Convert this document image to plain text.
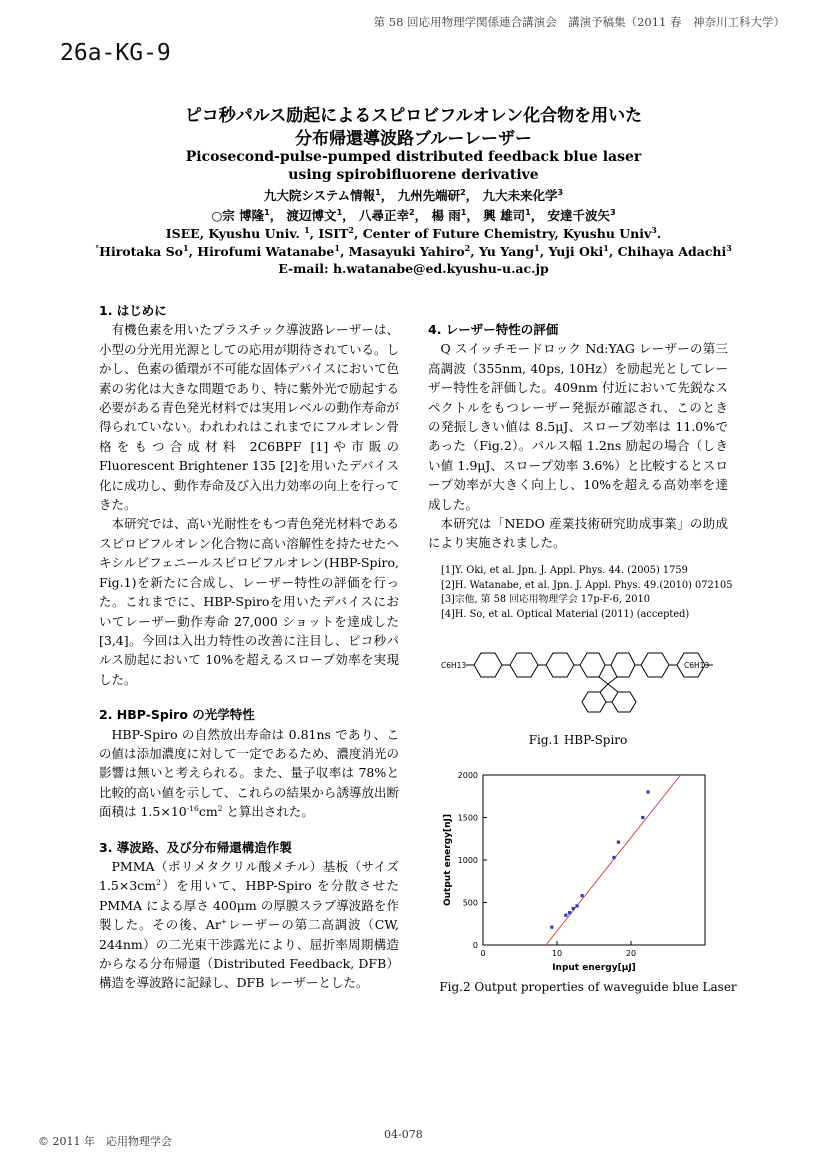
第 58 回応用物理学関係連合講演会　講演予稿集（2011 春　神奈川工科大学）
26a-KG-9
ピコ秒パルス励起によるスピロビフルオレン化合物を用いた
分布帰還導波路ブルーレーザー
Picosecond-pulse-pumped distributed feedback blue laser
using spirobifluorene derivative
九大院システム情報$^1$， 九州先端研$^2$， 九大未来化学$^3$
○宗 博隆$^1$， 渡辺博文$^1$， 八尋正幸$^2$， 楊 雨$^1$， 興 雄司$^1$， 安達千波矢$^3$
ISEE, Kyushu Univ. $^1$, ISIT$^2$, Center of Future Chemistry, Kyushu Univ$^3$.
°Hirotaka So$^1$, Hirofumi Watanabe$^1$, Masayuki Yahiro$^2$, Yu Yang$^1$, Yuji Oki$^1$, Chihaya Adachi$^3$
E-mail: h.watanabe@ed.kyushu-u.ac.jp
1. はじめに

有機色素を用いたプラスチック導波路レーザーは、小型の分光用光源としての応用が期待されている。しかし、色素の循環が不可能な固体デバイスにおいて色素の劣化は大きな問題であり、特に紫外光で励起する必要がある青色発光材料では実用レベルの動作寿命が得られていない。われわれはこれまでにフルオレン骨格をもつ合成材料 2C6BPF [1]や市販の Fluorescent Brightener 135 [2]を用いたデバイス化に成功し、動作寿命及び入出力効率の向上を行ってきた。

本研究では、高い光耐性をもつ青色発光材料であるスピロビフルオレン化合物に高い溶解性を持たせたヘキシルビフェニールスピロビフルオレン(HBP-Spiro, Fig.1)を新たに合成し、レーザー特性の評価を行った。これまでに、HBP-Spiroを用いたデバイスにおいてレーザー動作寿命 27,000 ショットを達成した [3,4]。今回は入出力特性の改善に注目し、ピコ秒パルス励起において 10%を超えるスロープ効率を実現した。

2. HBP-Spiro の光学特性

HBP-Spiro の自然放出寿命は 0.81ns であり、この値は添加濃度に対して一定であるため、濃度消光の影響は無いと考えられる。また、量子収率は 78%と比較的高い値を示して、これらの結果から誘導放出断面積は $1.5\times 10^{-16}cm^2$ と算出された。

3. 導波路、及び分布帰還構造作製

PMMA（ポリメタクリル酸メチル）基板（サイズ $1.5\times 3cm^2$）を用いて、HBP-Spiro を分散させた PMMA による厚さ 400μm の厚膜スラブ導波路を作製した。その後、Ar+レーザーの第二高調波（CW, 244nm）の二光束干渉露光により、屈折率周期構造からなる分布帰還（Distributed Feedback, DFB）構造を導波路に記録し、DFB レーザーとした。

4. レーザー特性の評価

Q スイッチモードロック Nd:YAG レーザーの第三高調波（355nm, 40ps, 10Hz）を励起光としてレーザー特性を評価した。409nm 付近において先鋭なスペクトルをもつレーザー発振が確認され、このときの発振しきい値は 8.5μJ、スロープ効率は 11.0%であった（Fig.2）。パルス幅 1.2ns 励起の場合（しきい値 1.9μJ、スロープ効率 3.6%）と比較するとスロープ効率が大きく向上し、10%を超える高効率を達成した。

本研究は「NEDO 産業技術研究助成事業」の助成により実施されました。

[1]Y. Oki, et al. Jpn. J. Appl. Phys. 44. (2005) 1759
[2]H. Watanabe, et al. Jpn. J. Appl. Phys. 49.(2010) 072105
[3]宗他, 第 58 回応用物理学会 17p-F-6, 2010
[4]H. So, et al. Optical Material (2011) (accepted)
C6H13	C6H13
Fig.1 HBP-Spiro
0
500
1000
1500
2000
0	10	20
Input energy[μJ]
Output energy[nJ]
Fig.2 Output properties of waveguide blue Laser
© 2011 年　応用物理学会
04-078
